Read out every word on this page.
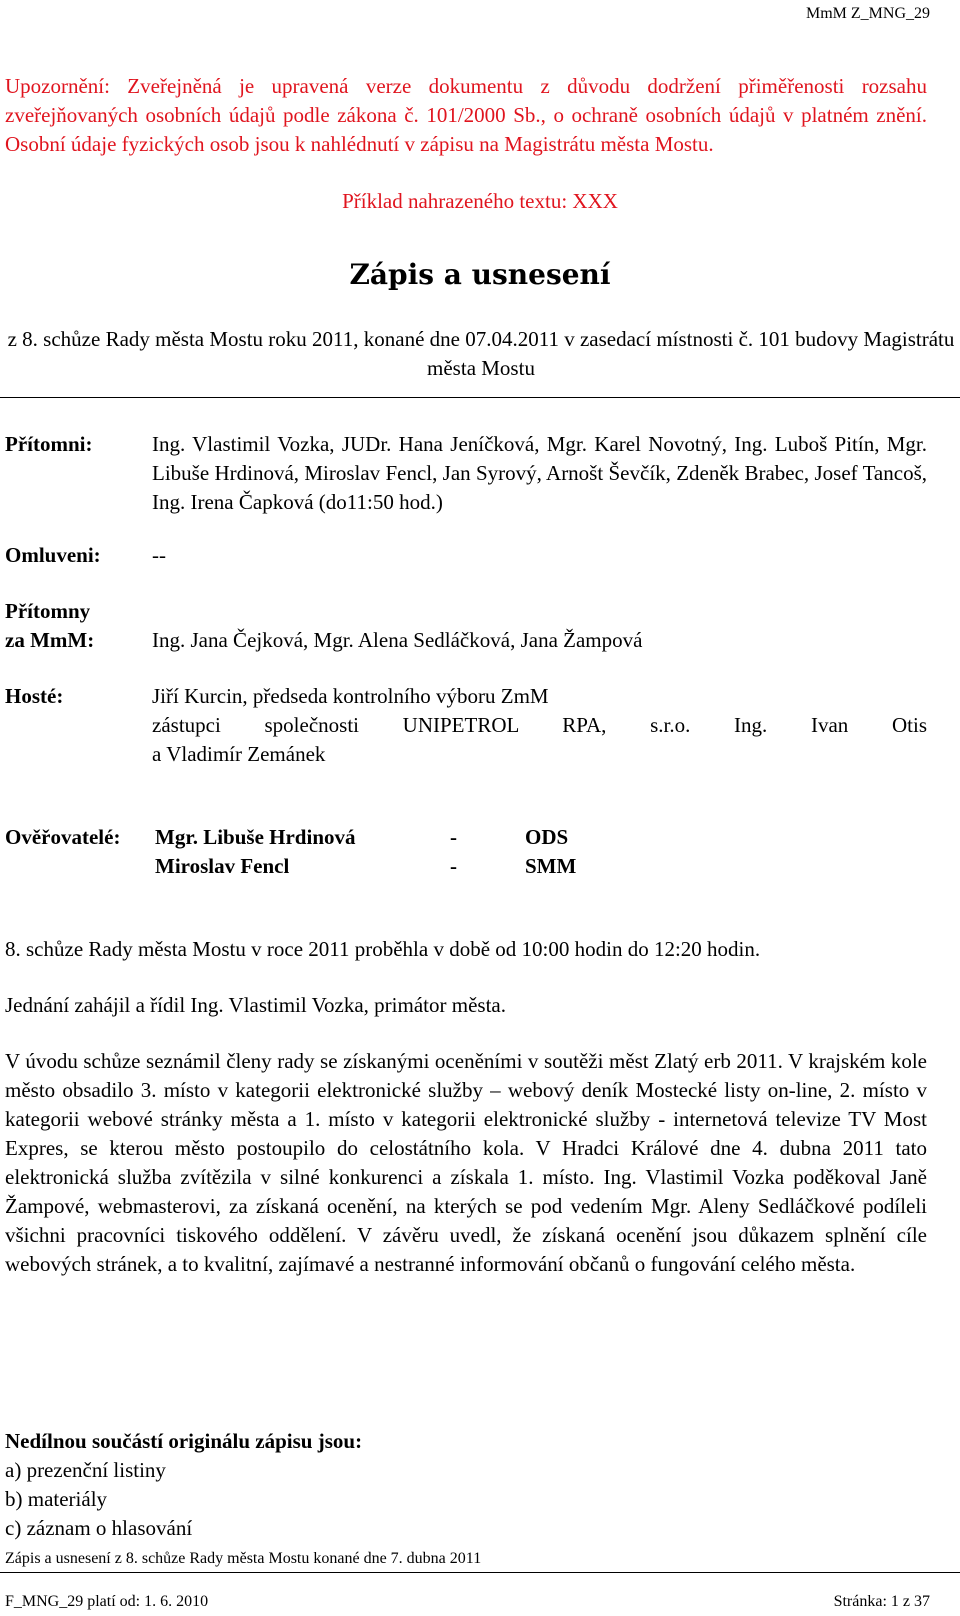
MmM Z_MNG_29
Upozornění: Zveřejněná je upravená verze dokumentu z důvodu dodržení přiměřenosti rozsahu zveřejňovaných osobních údajů podle zákona č. 101/2000 Sb., o ochraně osobních údajů v platném znění. Osobní údaje fyzických osob jsou k nahlédnutí v zápisu na Magistrátu města Mostu.
Příklad nahrazeného textu: XXX
Zápis a usnesení
z 8. schůze Rady města Mostu roku 2011, konané dne 07.04.2011 v zasedací místnosti č. 101 budovy Magistrátu města Mostu
Přítomni:	Ing. Vlastimil Vozka, JUDr. Hana Jeníčková, Mgr. Karel Novotný, Ing. Luboš Pitín, Mgr. Libuše Hrdinová, Miroslav Fencl, Jan Syrový, Arnošt Ševčík, Zdeněk Brabec, Josef Tancoš, Ing. Irena Čapková (do11:50 hod.)
Omluveni: --
Přítomny
za MmM:	Ing. Jana Čejková, Mgr. Alena Sedláčková, Jana Žampová
Hosté:	Jiří Kurcin, předseda kontrolního výboru ZmM
zástupci společnosti UNIPETROL RPA, s.r.o. Ing. Ivan Otis
a Vladimír Zemánek
Ověřovatelé: Mgr. Libuše Hrdinová	-	ODS
Miroslav Fencl	-	SMM
8. schůze Rady města Mostu v roce 2011 proběhla v době od 10:00 hodin do 12:20 hodin.
Jednání zahájil a řídil Ing. Vlastimil Vozka, primátor města.
V úvodu schůze seznámil členy rady se získanými oceněními v soutěži měst Zlatý erb 2011. V krajském kole město obsadilo 3. místo v kategorii elektronické služby – webový deník Mostecké listy on-line, 2. místo v kategorii webové stránky města a 1. místo v kategorii elektronické služby - internetová televize TV Most Expres, se kterou město postoupilo do celostátního kola. V Hradci Králové dne 4. dubna 2011 tato elektronická služba zvítězila v silné konkurenci a získala 1. místo. Ing. Vlastimil Vozka poděkoval Janě Žampové, webmasterovi, za získaná ocenění, na kterých se pod vedením Mgr. Aleny Sedláčkové podíleli všichni pracovníci tiskového oddělení. V závěru uvedl, že získaná ocenění jsou důkazem splnění cíle webových stránek, a to kvalitní, zajímavé a nestranné informování občanů o fungování celého města.
Nedílnou součástí originálu zápisu jsou:
a) prezenční listiny
b) materiály
c) záznam o hlasování
Zápis a usnesení z 8. schůze Rady města Mostu konané dne 7. dubna 2011
F_MNG_29 platí od: 1. 6. 2010	Stránka: 1 z 37
